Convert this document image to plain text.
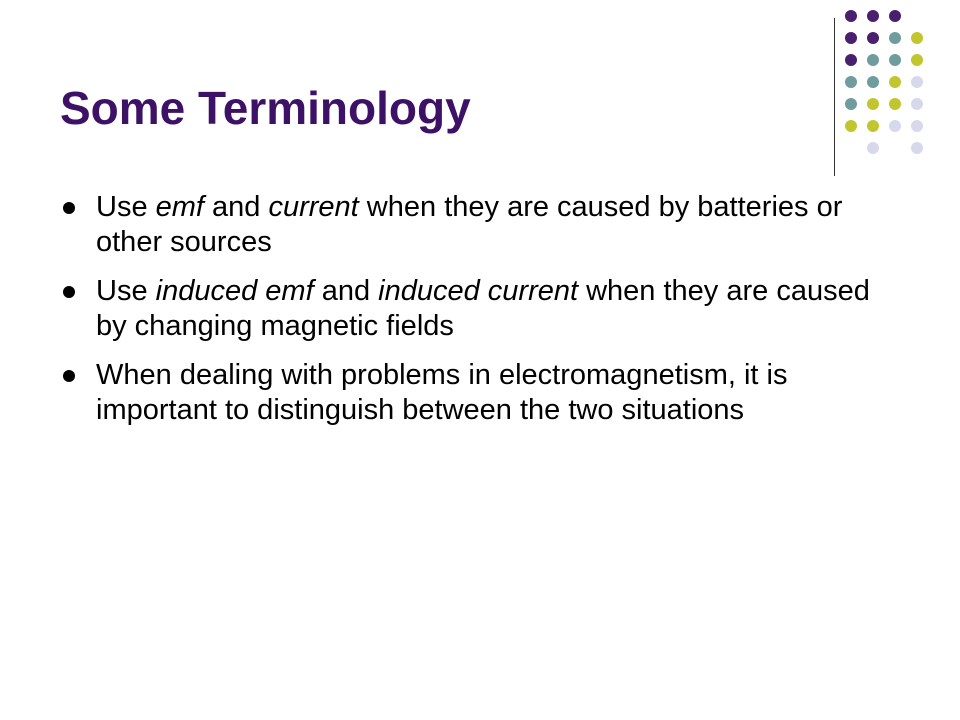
Some Terminology
Use emf and current when they are caused by batteries or other sources
Use induced emf and induced current when they are caused by changing magnetic fields
When dealing with problems in electromagnetism, it is important to distinguish between the two situations
